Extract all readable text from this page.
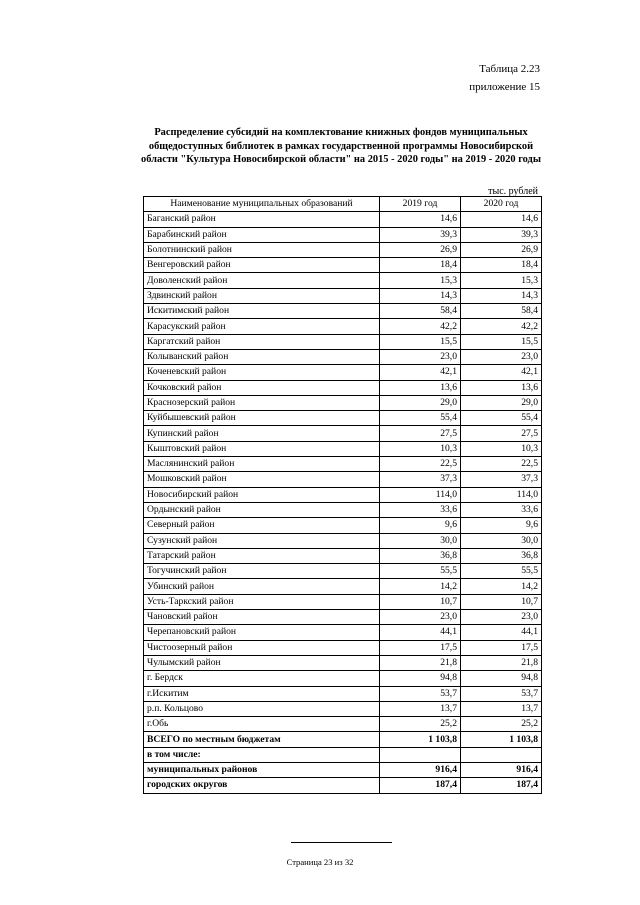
Таблица 2.23
приложение 15
Распределение субсидий на комплектование книжных фондов муниципальных
общедоступных библиотек в рамках государственной программы Новосибирской
области "Культура Новосибирской области" на 2015 - 2020 годы" на 2019 - 2020 годы
тыс. рублей
Наименование муниципальных образований	2019 год	2020 год
Баганский район	14,6	14,6
Барабинский район	39,3	39,3
Болотнинский район	26,9	26,9
Венгеровский район	18,4	18,4
Доволенский район	15,3	15,3
Здвинский район	14,3	14,3
Искитимский район	58,4	58,4
Карасукский район	42,2	42,2
Каргатский район	15,5	15,5
Колыванский район	23,0	23,0
Коченевский район	42,1	42,1
Кочковский район	13,6	13,6
Краснозерский район	29,0	29,0
Куйбышевский район	55,4	55,4
Купинский район	27,5	27,5
Кыштовский район	10,3	10,3
Маслянинский район	22,5	22,5
Мошковский район	37,3	37,3
Новосибирский район	114,0	114,0
Ордынский район	33,6	33,6
Северный район	9,6	9,6
Сузунский район	30,0	30,0
Татарский район	36,8	36,8
Тогучинский район	55,5	55,5
Убинский район	14,2	14,2
Усть-Таркский район	10,7	10,7
Чановский район	23,0	23,0
Черепановский район	44,1	44,1
Чистоозерный район	17,5	17,5
Чулымский район	21,8	21,8
г. Бердск	94,8	94,8
г.Искитим	53,7	53,7
р.п. Кольцово	13,7	13,7
г.Обь	25,2	25,2
ВСЕГО по местным бюджетам	1 103,8	1 103,8
в том числе:		
муниципальных районов	916,4	916,4
городских округов	187,4	187,4
Страница 23 из 32
